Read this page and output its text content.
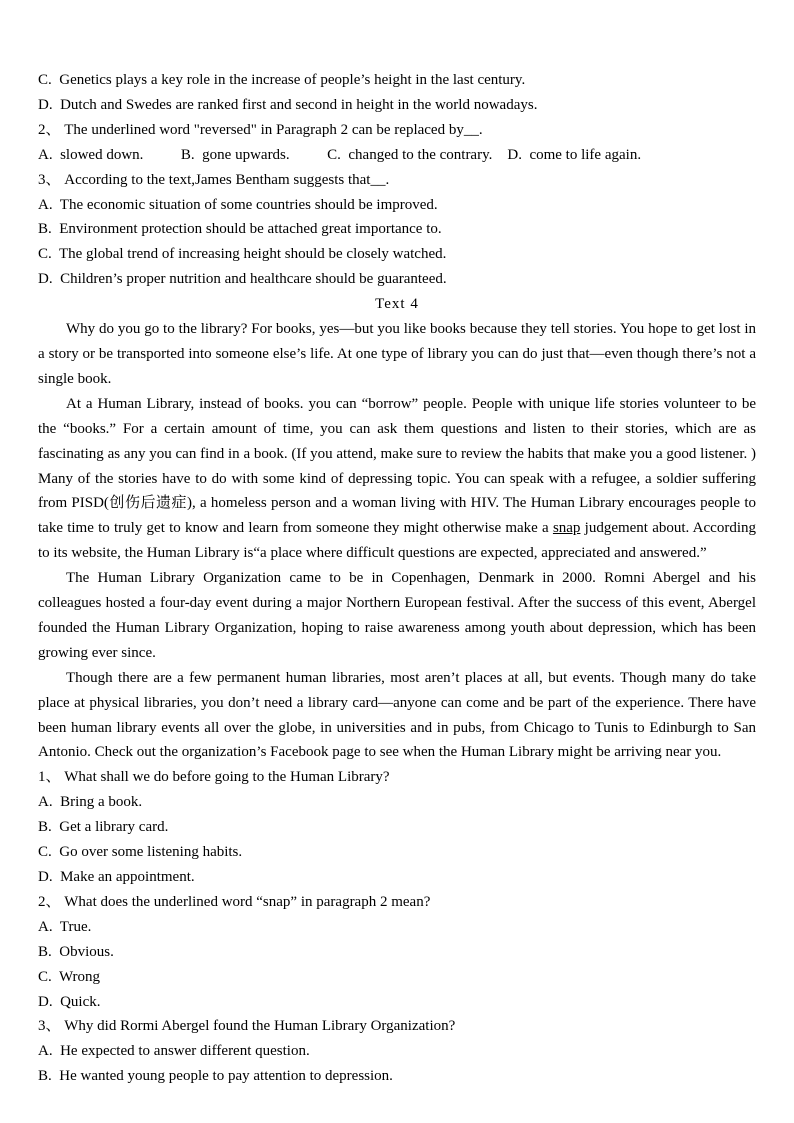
C.  Genetics plays a key role in the increase of people’s height in the last century.
D.  Dutch and Swedes are ranked first and second in height in the world nowadays.
2、 The underlined word "reversed" in Paragraph 2 can be replaced by__.
A.  slowed down.          B.  gone upwards.          C.  changed to the contrary.    D.  come to life again.
3、 According to the text,James Bentham suggests that__.
A.  The economic situation of some countries should be improved.
B.  Environment protection should be attached great importance to.
C.  The global trend of increasing height should be closely watched.
D.  Children’s proper nutrition and healthcare should be guaranteed.
Text 4

Why do you go to the library? For books, yes—but you like books because they tell stories. You hope to get lost in a story or be transported into someone else’s life. At one type of library you can do just that—even though there’s not a single book.

At a Human Library, instead of books. you can “borrow” people. People with unique life stories volunteer to be the “books.” For a certain amount of time, you can ask them questions and listen to their stories, which are as fascinating as any you can find in a book. (If you attend, make sure to review the habits that make you a good listener. ) Many of the stories have to do with some kind of depressing topic. You can speak with a refugee, a soldier suffering from PISD(创伤后遗症), a homeless person and a woman living with HIV. The Human Library encourages people to take time to truly get to know and learn from someone they might otherwise make a snap judgement about. According to its website, the Human Library is“a place where difficult questions are expected, appreciated and answered.”

The Human Library Organization came to be in Copenhagen, Denmark in 2000. Romni Abergel and his colleagues hosted a four-day event during a major Northern European festival. After the success of this event, Abergel founded the Human Library Organization, hoping to raise awareness among youth about depression, which has been growing ever since.

Though there are a few permanent human libraries, most aren’t places at all, but events. Though many do take place at physical libraries, you don’t need a library card—anyone can come and be part of the experience. There have been human library events all over the globe, in universities and in pubs, from Chicago to Tunis to Edinburgh to San Antonio. Check out the organization’s Facebook page to see when the Human Library might be arriving near you.

1、 What shall we do before going to the Human Library?
A.  Bring a book.
B.  Get a library card.
C.  Go over some listening habits.
D.  Make an appointment.
2、 What does the underlined word “snap” in paragraph 2 mean?
A.  True.
B.  Obvious.
C.  Wrong
D.  Quick.
3、 Why did Rormi Abergel found the Human Library Organization?
A.  He expected to answer different question.
B.  He wanted young people to pay attention to depression.
